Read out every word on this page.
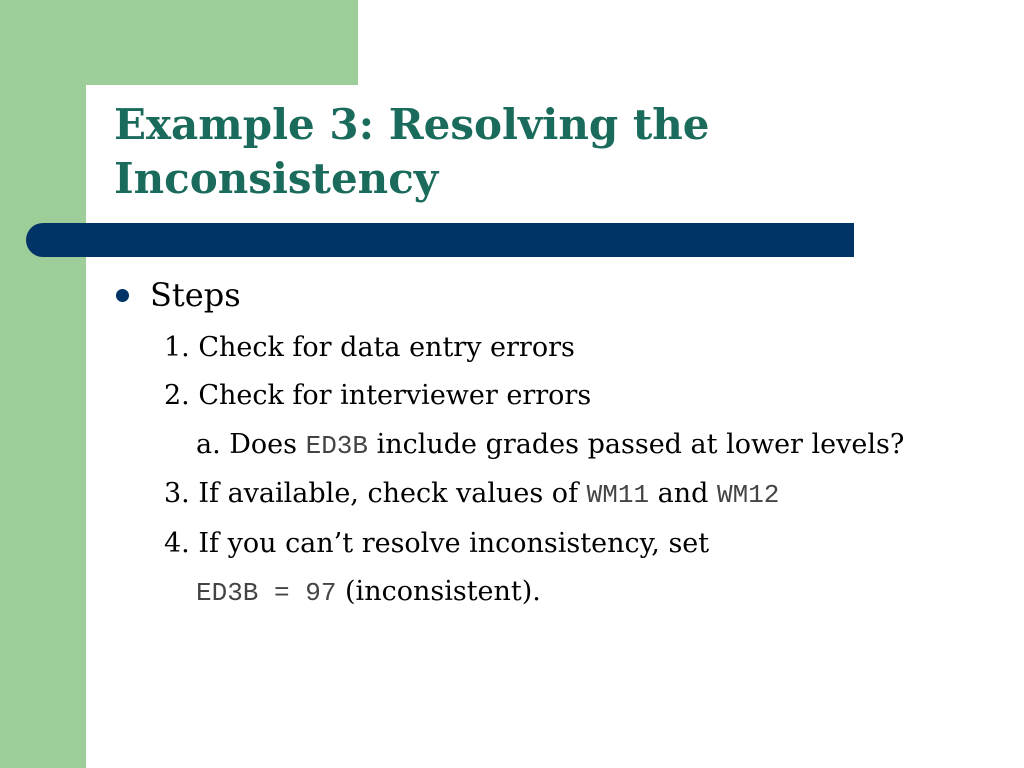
Example 3: Resolving the
Inconsistency

Steps

1. Check for data entry errors

2. Check for interviewer errors

a. Does ED3B include grades passed at lower levels?

3. If available, check values of WM11 and WM12

4. If you can’t resolve inconsistency, set

ED3B = 97 (inconsistent).
